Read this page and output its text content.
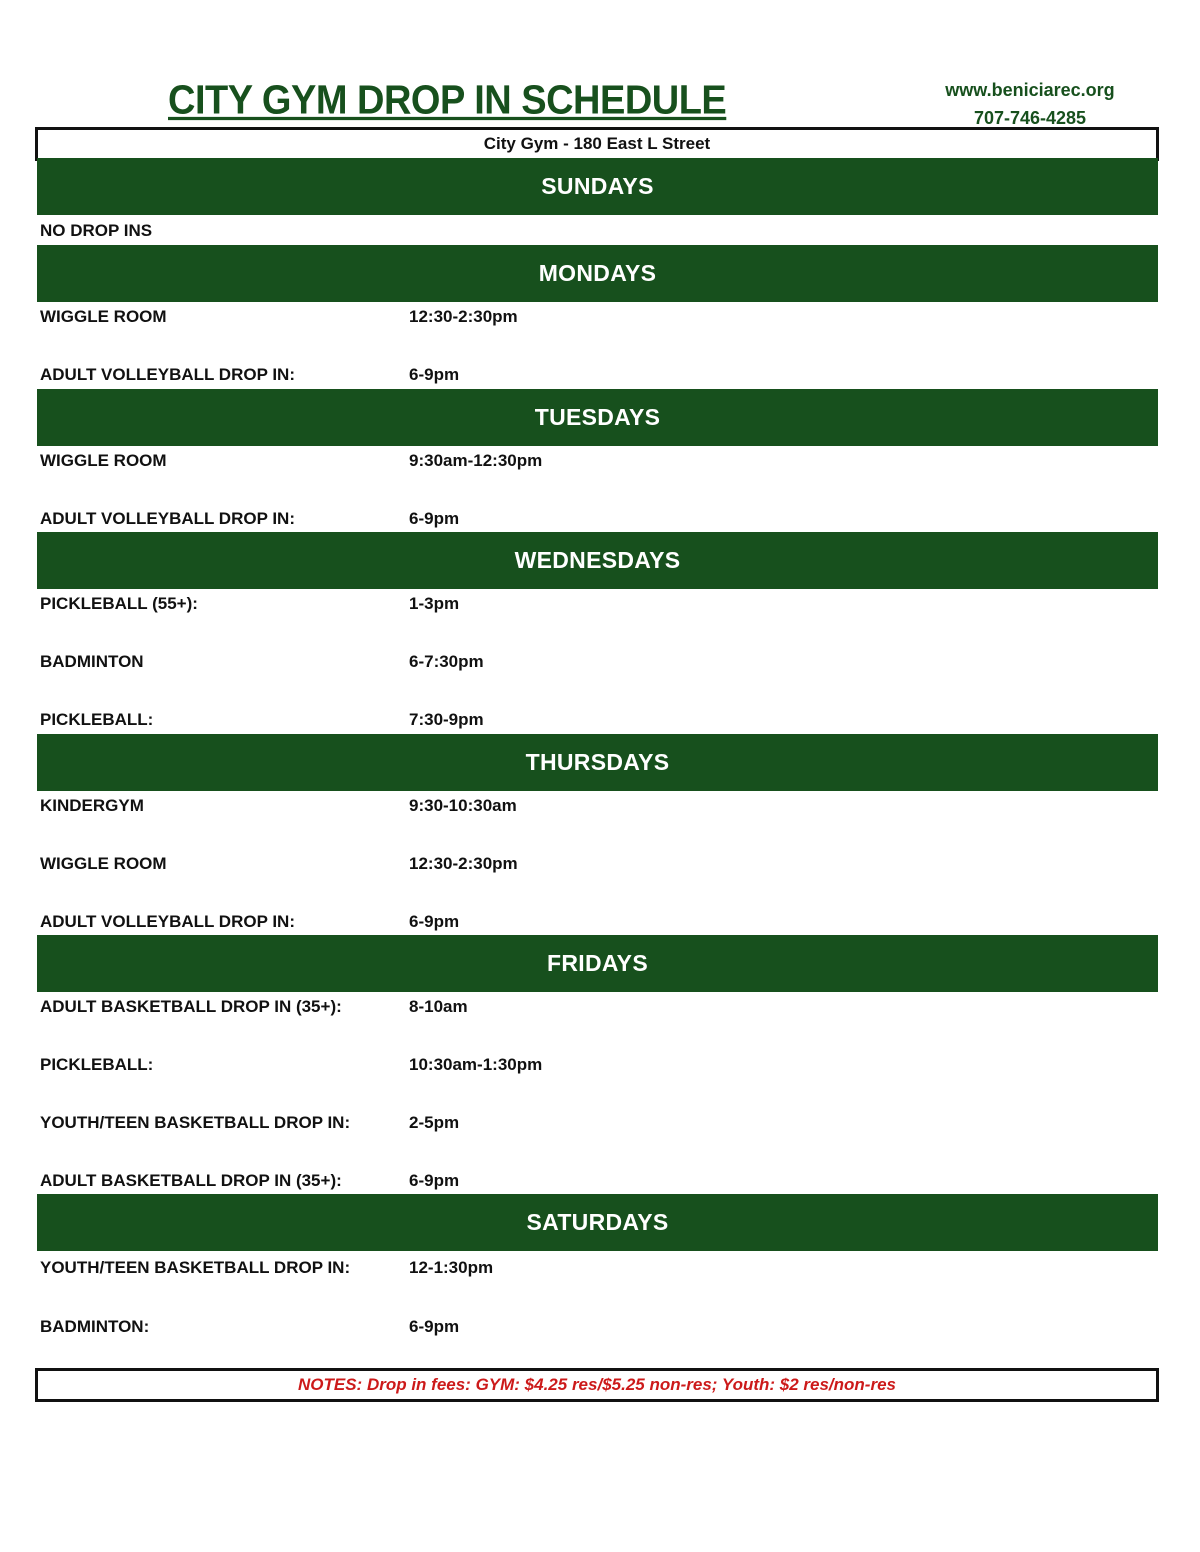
CITY GYM DROP IN SCHEDULE	www.beniciarec.org
707-746-4285
City Gym - 180 East L Street
SUNDAYS
NO DROP INS
MONDAYS
WIGGLE ROOM	12:30-2:30pm
ADULT VOLLEYBALL DROP IN:	6-9pm
TUESDAYS
WIGGLE ROOM	9:30am-12:30pm
ADULT VOLLEYBALL DROP IN:	6-9pm
WEDNESDAYS
PICKLEBALL (55+):	1-3pm
BADMINTON	6-7:30pm
PICKLEBALL:	7:30-9pm
THURSDAYS
KINDERGYM	9:30-10:30am
WIGGLE ROOM	12:30-2:30pm
ADULT VOLLEYBALL DROP IN:	6-9pm
FRIDAYS
ADULT BASKETBALL DROP IN (35+):	8-10am
PICKLEBALL:	10:30am-1:30pm
YOUTH/TEEN BASKETBALL DROP IN:	2-5pm
ADULT BASKETBALL DROP IN (35+):	6-9pm
SATURDAYS
YOUTH/TEEN BASKETBALL DROP IN:	12-1:30pm
BADMINTON:	6-9pm
NOTES: Drop in fees: GYM: $4.25 res/$5.25 non-res; Youth: $2 res/non-res
